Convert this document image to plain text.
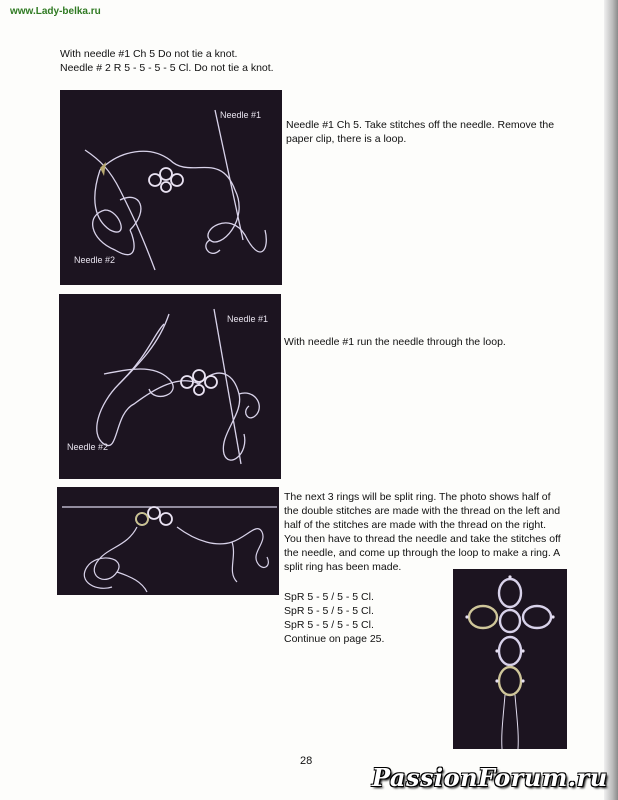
www.Lady-belka.ru
With needle #1 Ch 5 Do not tie a knot.
Needle # 2 R 5 - 5 - 5 - 5 Cl. Do not tie a knot.
Needle #1
Needle #2
Needle #1 Ch 5. Take stitches off the needle. Remove the
paper clip, there is a loop.
Needle #1
Needle #2
With needle #1 run the needle through the loop.
The next 3 rings will be split ring. The photo shows half of
the double stitches are made with the thread on the left and
half of the stitches are made with the thread on the right.
You then have to thread the needle and take the stitches off
the needle, and come up through the loop to make a ring. A
split ring has been made.
SpR 5 - 5 / 5 - 5 Cl.
SpR 5 - 5 / 5 - 5 Cl.
SpR 5 - 5 / 5 - 5 Cl.
Continue on page 25.
28
PassionForum.ru
